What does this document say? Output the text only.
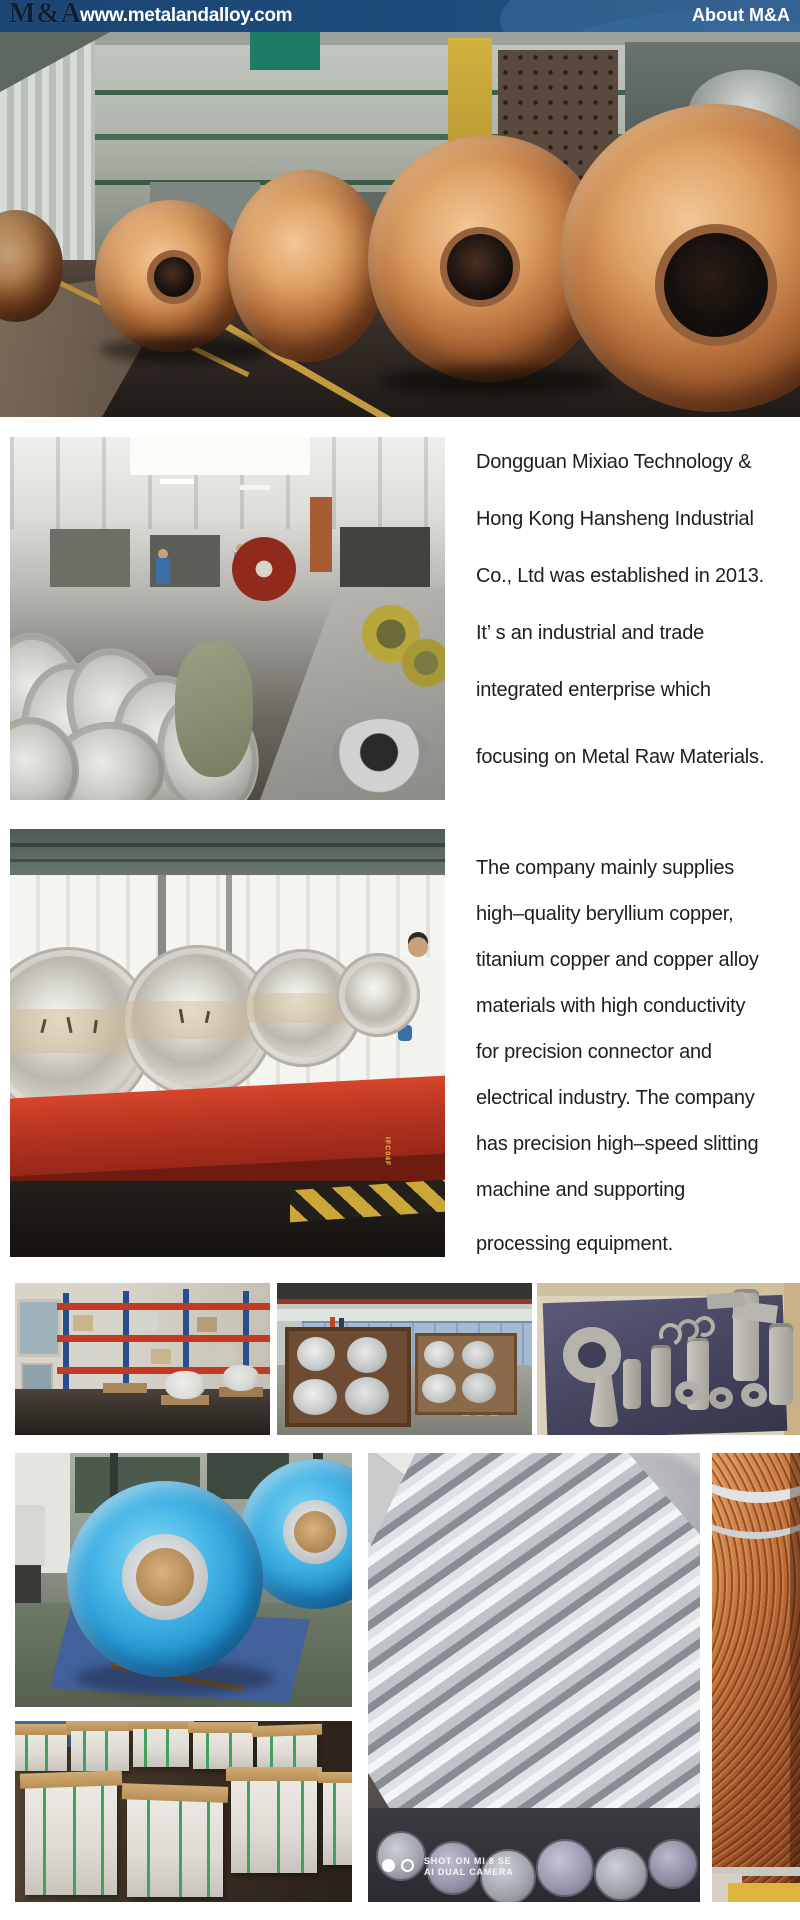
M&A
www.metalandalloy.com	About M&A
Dongguan Mixiao Technology &
Hong Kong Hansheng Industrial
Co., Ltd was established in 2013.
It’ s an industrial and trade
integrated enterprise which
focusing on Metal Raw Materials.
IFC04F
The company mainly supplies
high–quality beryllium copper,
titanium copper and copper alloy
materials with high conductivity
for precision connector and
electrical industry. The company
has precision high–speed slitting
machine and supporting
processing equipment.
SHOT ON MI 8 SE
AI DUAL CAMERA
